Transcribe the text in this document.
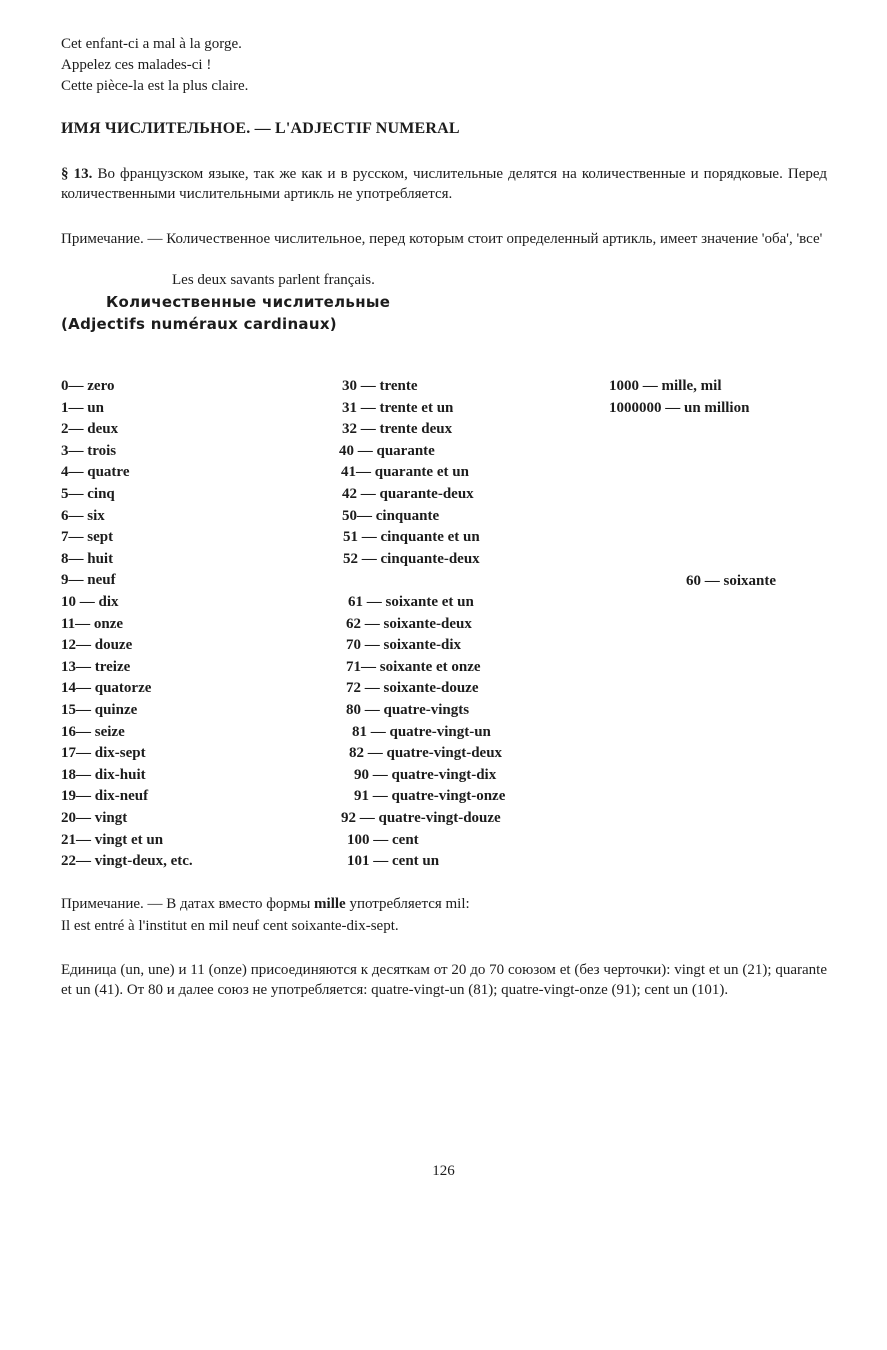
Cet enfant-ci a mal à la gorge.
Appelez ces malades-ci !
Cette pièce-la est la plus claire.
ИМЯ ЧИСЛИТЕЛЬНОЕ. — L'ADJECTIF NUMERAL
§ 13. Во французском языке, так же как и в русском, числительные делятся на количественные и порядковые. Перед количественными числительными артикль не употребляется.
Примечание. — Количественное числительное, перед которым стоит определенный артикль, имеет значение 'оба', 'все'
Les deux savants parlent français.
Количественные числительные
(Adjectifs numéraux cardinaux)
0— zero
1— un
2— deux
3— trois
4— quatre
5— cinq
6— six
7— sept
8— huit
9— neuf
10 — dix
11— onze
12— douze
13— treize
14— quatorze
15— quinze
16— seize
17— dix-sept
18— dix-huit
19— dix-neuf
20— vingt
21— vingt et un
22— vingt-deux, etc.
30 — trente
31 — trente et un
32 — trente deux
40 — quarante
41— quarante et un
42 — quarante-deux
50— cinquante
51 — cinquante et un
52 — cinquante-deux
61 — soixante et un
62 — soixante-deux
70 — soixante-dix
71— soixante et onze
72 — soixante-douze
80 — quatre-vingts
81 — quatre-vingt-un
82 — quatre-vingt-deux
90 — quatre-vingt-dix
91 — quatre-vingt-onze
92 — quatre-vingt-douze
100 — cent
101 — cent un
1000 — mille, mil
1000000 — un million
60 — soixante
Примечание. — В датах вместо формы mille употребляется mil:
Il est entré à l'institut en mil neuf cent soixante-dix-sept.
Единица (un, une) и 11 (onze) присоединяются к десяткам от 20 до 70 союзом et (без черточки): vingt et un (21); quarante et un (41). От 80 и далее союз не употребляется: quatre-vingt-un (81); quatre-vingt-onze (91); cent un (101).
126
